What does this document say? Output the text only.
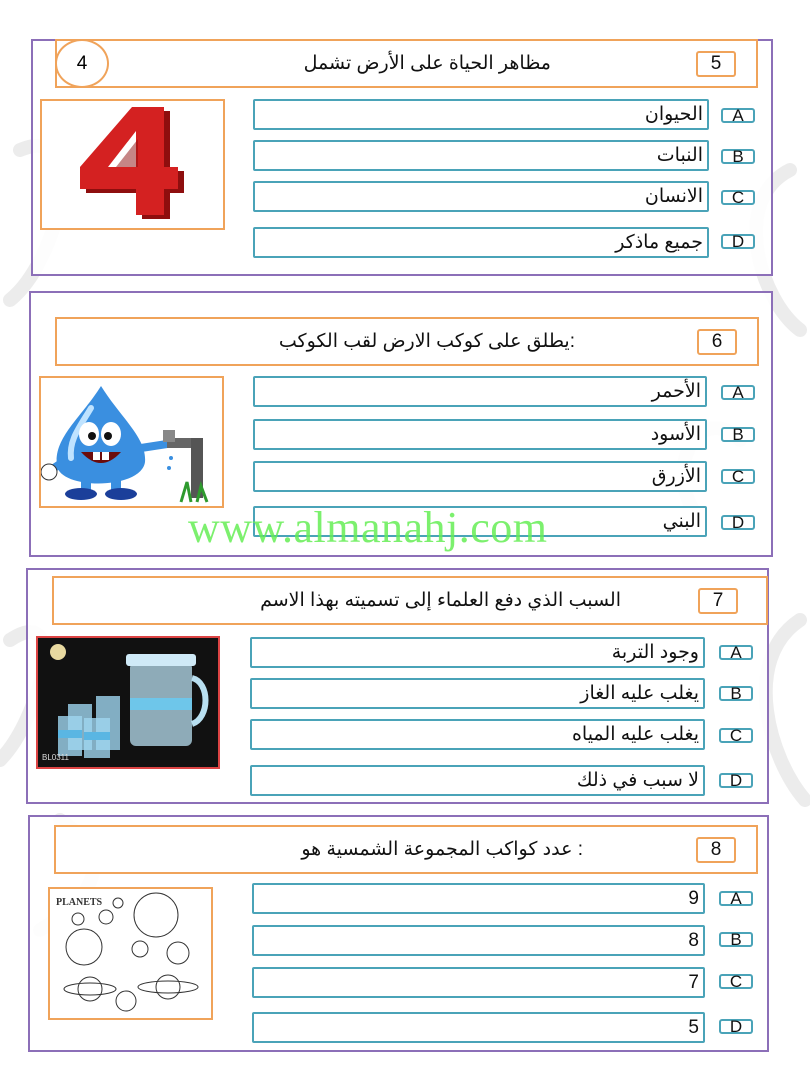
4	مظاهر الحياة على الأرض تشمل	5
الحيوان	A
النبات	B
الانسان	C
جميع ماذكر	D
:يطلق على كوكب الارض لقب الكوكب	6
الأحمر	A
الأسود	B
الأزرق	C
البني	D
السبب الذي دفع العلماء إلى تسميته بهذا الاسم	7
BL0311
وجود التربة	A
يغلب عليه الغاز	B
يغلب عليه المياه	C
لا سبب في ذلك	D
: عدد كواكب المجموعة الشمسية هو	8
PLANETS	9	A
8	B
7	C
5	D
www.almanahj.com
